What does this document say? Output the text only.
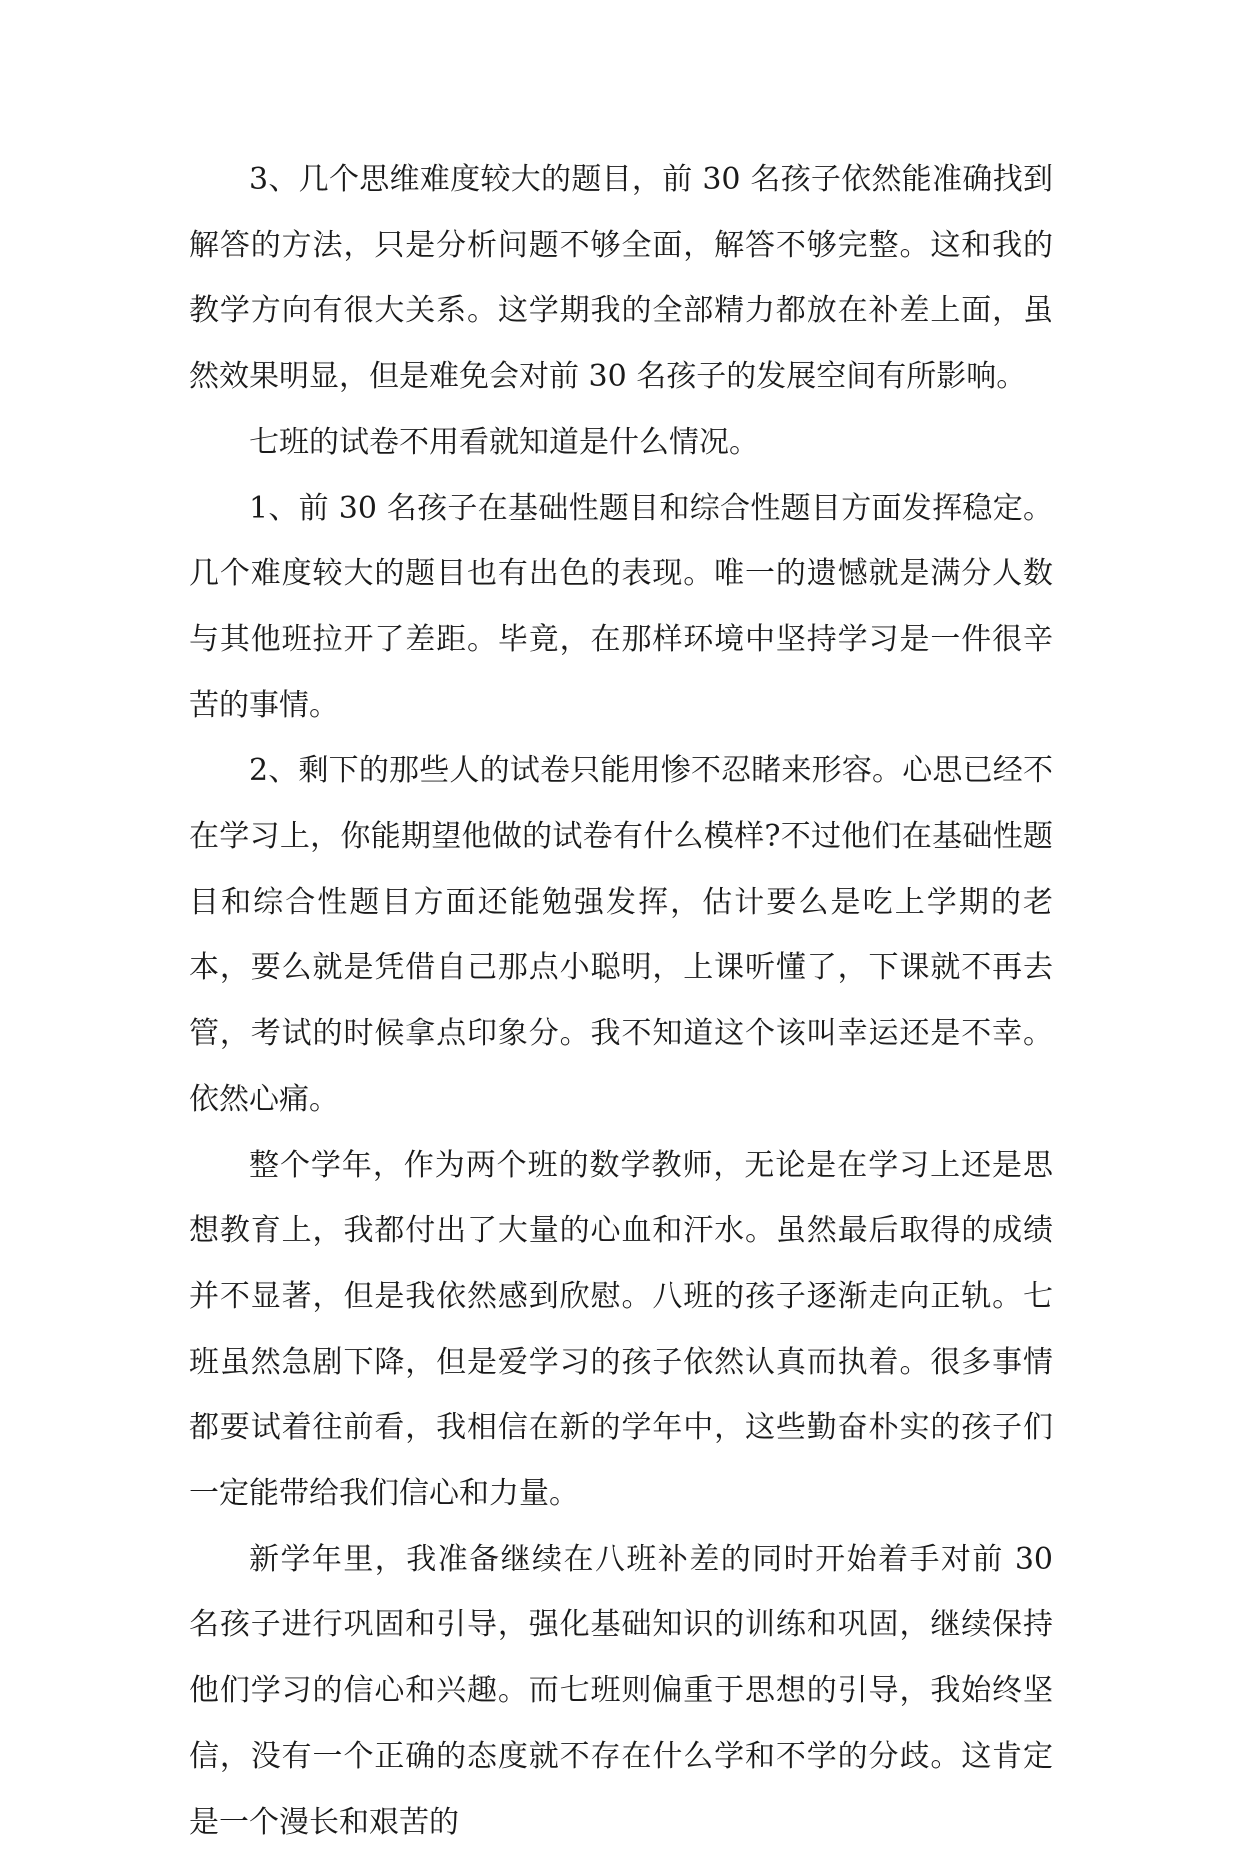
3、几个思维难度较大的题目，前 30 名孩子依然能准确找到解答的方法，只是分析问题不够全面，解答不够完整。这和我的教学方向有很大关系。这学期我的全部精力都放在补差上面，虽然效果明显，但是难免会对前 30 名孩子的发展空间有所影响。

七班的试卷不用看就知道是什么情况。

1、前 30 名孩子在基础性题目和综合性题目方面发挥稳定。几个难度较大的题目也有出色的表现。唯一的遗憾就是满分人数与其他班拉开了差距。毕竟，在那样环境中坚持学习是一件很辛苦的事情。

2、剩下的那些人的试卷只能用惨不忍睹来形容。心思已经不在学习上，你能期望他做的试卷有什么模样?不过他们在基础性题目和综合性题目方面还能勉强发挥，估计要么是吃上学期的老本，要么就是凭借自己那点小聪明，上课听懂了，下课就不再去管，考试的时候拿点印象分。我不知道这个该叫幸运还是不幸。依然心痛。

整个学年，作为两个班的数学教师，无论是在学习上还是思想教育上，我都付出了大量的心血和汗水。虽然最后取得的成绩并不显著，但是我依然感到欣慰。八班的孩子逐渐走向正轨。七班虽然急剧下降，但是爱学习的孩子依然认真而执着。很多事情都要试着往前看，我相信在新的学年中，这些勤奋朴实的孩子们一定能带给我们信心和力量。

新学年里，我准备继续在八班补差的同时开始着手对前 30 名孩子进行巩固和引导，强化基础知识的训练和巩固，继续保持他们学习的信心和兴趣。而七班则偏重于思想的引导，我始终坚信，没有一个正确的态度就不存在什么学和不学的分歧。这肯定是一个漫长和艰苦的
